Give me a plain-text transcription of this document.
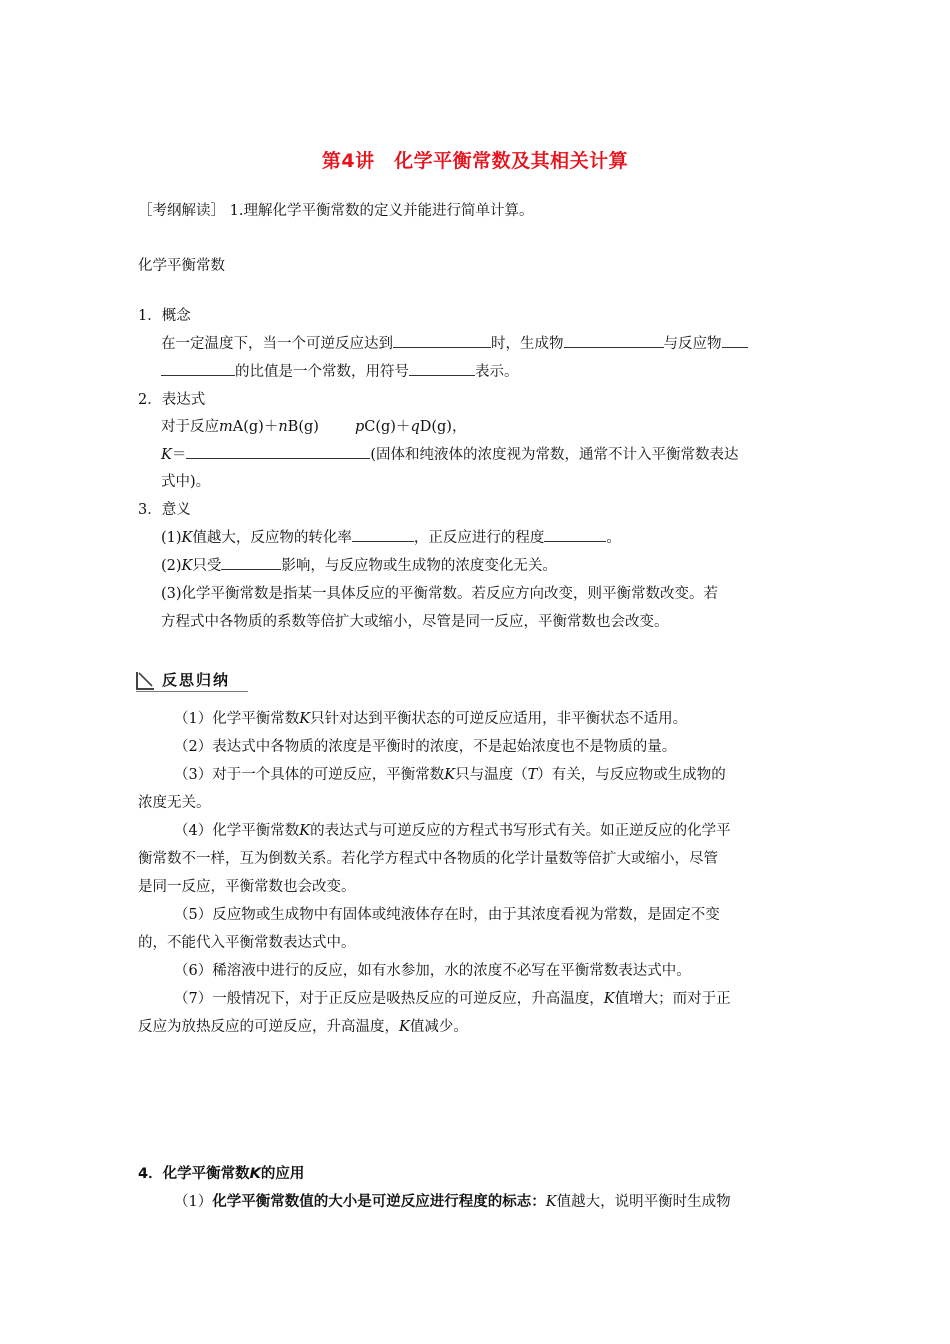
第4讲　化学平衡常数及其相关计算
［考纲解读］ 1.理解化学平衡常数的定义并能进行简单计算。
化学平衡常数
1．概念
在一定温度下，当一个可逆反应达到	时，生成物	与反应物
的比值是一个常数，用符号	表示。
2．表达式
对于反应mA(g)＋nB(g) pC(g)＋qD(g)，
K＝	(固体和纯液体的浓度视为常数，通常不计入平衡常数表达
式中)。
3．意义
(1)K值越大，反应物的转化率	，正反应进行的程度	。
(2)K只受	影响，与反应物或生成物的浓度变化无关。
(3)化学平衡常数是指某一具体反应的平衡常数。若反应方向改变，则平衡常数改变。若
方程式中各物质的系数等倍扩大或缩小，尽管是同一反应，平衡常数也会改变。
反思归纳
（1）化学平衡常数K只针对达到平衡状态的可逆反应适用，非平衡状态不适用。
（2）表达式中各物质的浓度是平衡时的浓度，不是起始浓度也不是物质的量。
（3）对于一个具体的可逆反应，平衡常数K只与温度（T）有关，与反应物或生成物的
浓度无关。
（4）化学平衡常数K的表达式与可逆反应的方程式书写形式有关。如正逆反应的化学平
衡常数不一样，互为倒数关系。若化学方程式中各物质的化学计量数等倍扩大或缩小，尽管
是同一反应，平衡常数也会改变。
（5）反应物或生成物中有固体或纯液体存在时，由于其浓度看视为常数，是固定不变
的，不能代入平衡常数表达式中。
（6）稀溶液中进行的反应，如有水参加，水的浓度不必写在平衡常数表达式中。
（7）一般情况下，对于正反应是吸热反应的可逆反应，升高温度，K值增大；而对于正
反应为放热反应的可逆反应，升高温度，K值减少。
4．化学平衡常数K的应用
（1）化学平衡常数值的大小是可逆反应进行程度的标志：K值越大，说明平衡时生成物
